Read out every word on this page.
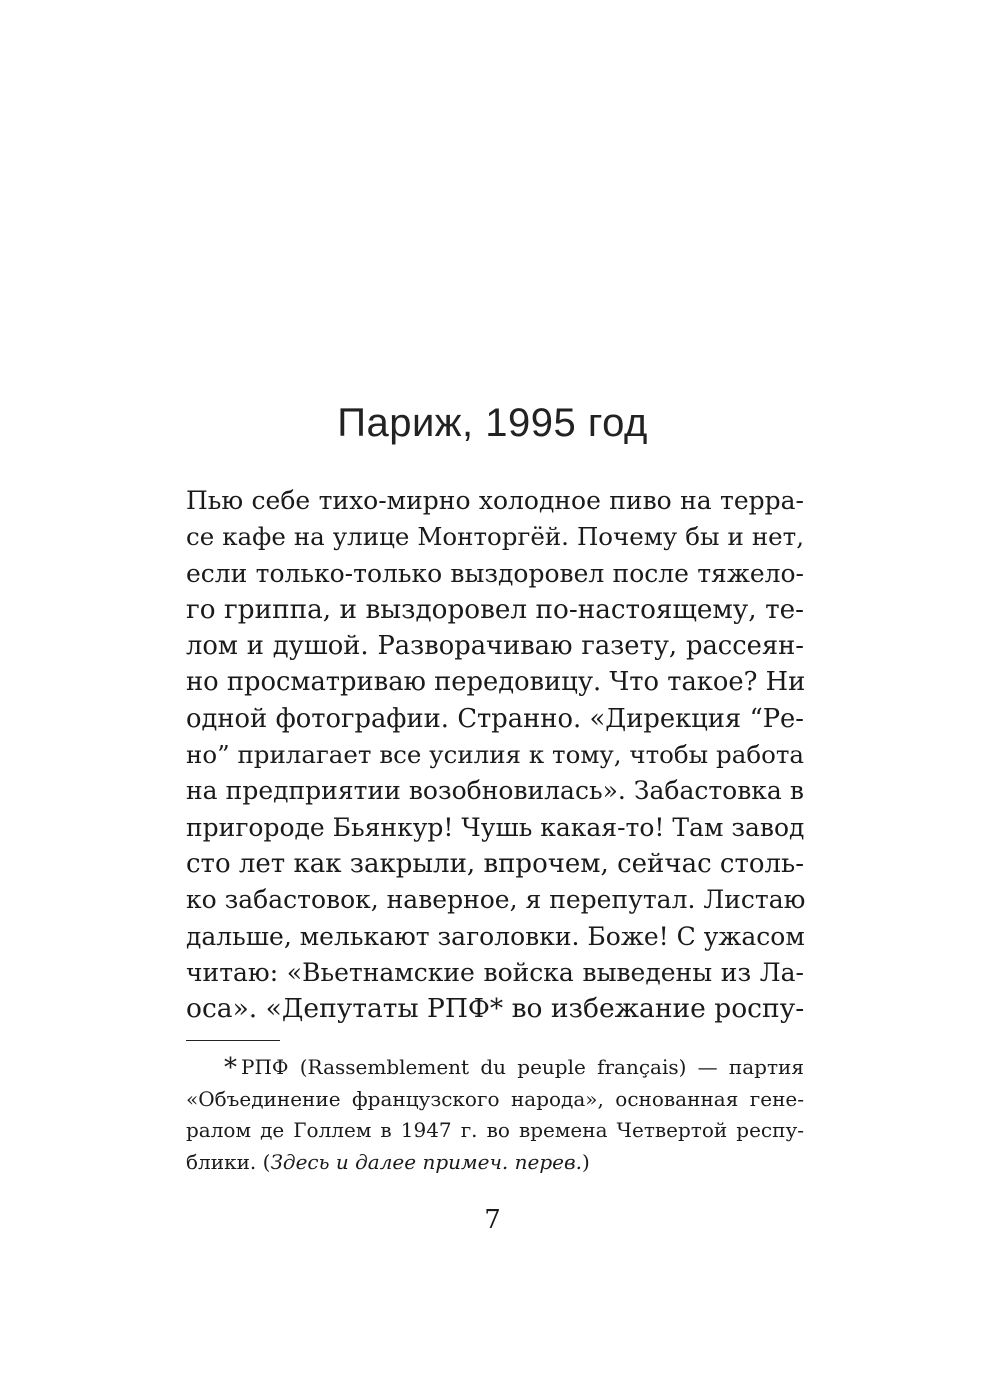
Париж, 1995 год
Пью себе тихо-мирно холодное пиво на терра-
се кафе на улице Монторгёй. Почему бы и нет,
если только-только выздоровел после тяжело-
го гриппа, и выздоровел по-настоящему, те-
лом и душой. Разворачиваю газету, рассеян-
но просматриваю передовицу. Что такое? Ни
одной фотографии. Странно. «Дирекция “Ре-
но” прилагает все усилия к тому, чтобы работа
на предприятии возобновилась». Забастовка в
пригороде Бьянкур! Чушь какая-то! Там завод
сто лет как закрыли, впрочем, сейчас столь-
ко забастовок, наверное, я перепутал. Листаю
дальше, мелькают заголовки. Боже! С ужасом
читаю: «Вьетнамские войска выведены из Ла-
оса». «Депутаты РПФ* во избежание роспу-
* РПФ (Rassemblement du peuple français) — партия
«Объединение французского народа», основанная гене-
ралом де Голлем в 1947 г. во времена Четвертой респу-
блики. (Здесь и далее примеч. перев.)
7
